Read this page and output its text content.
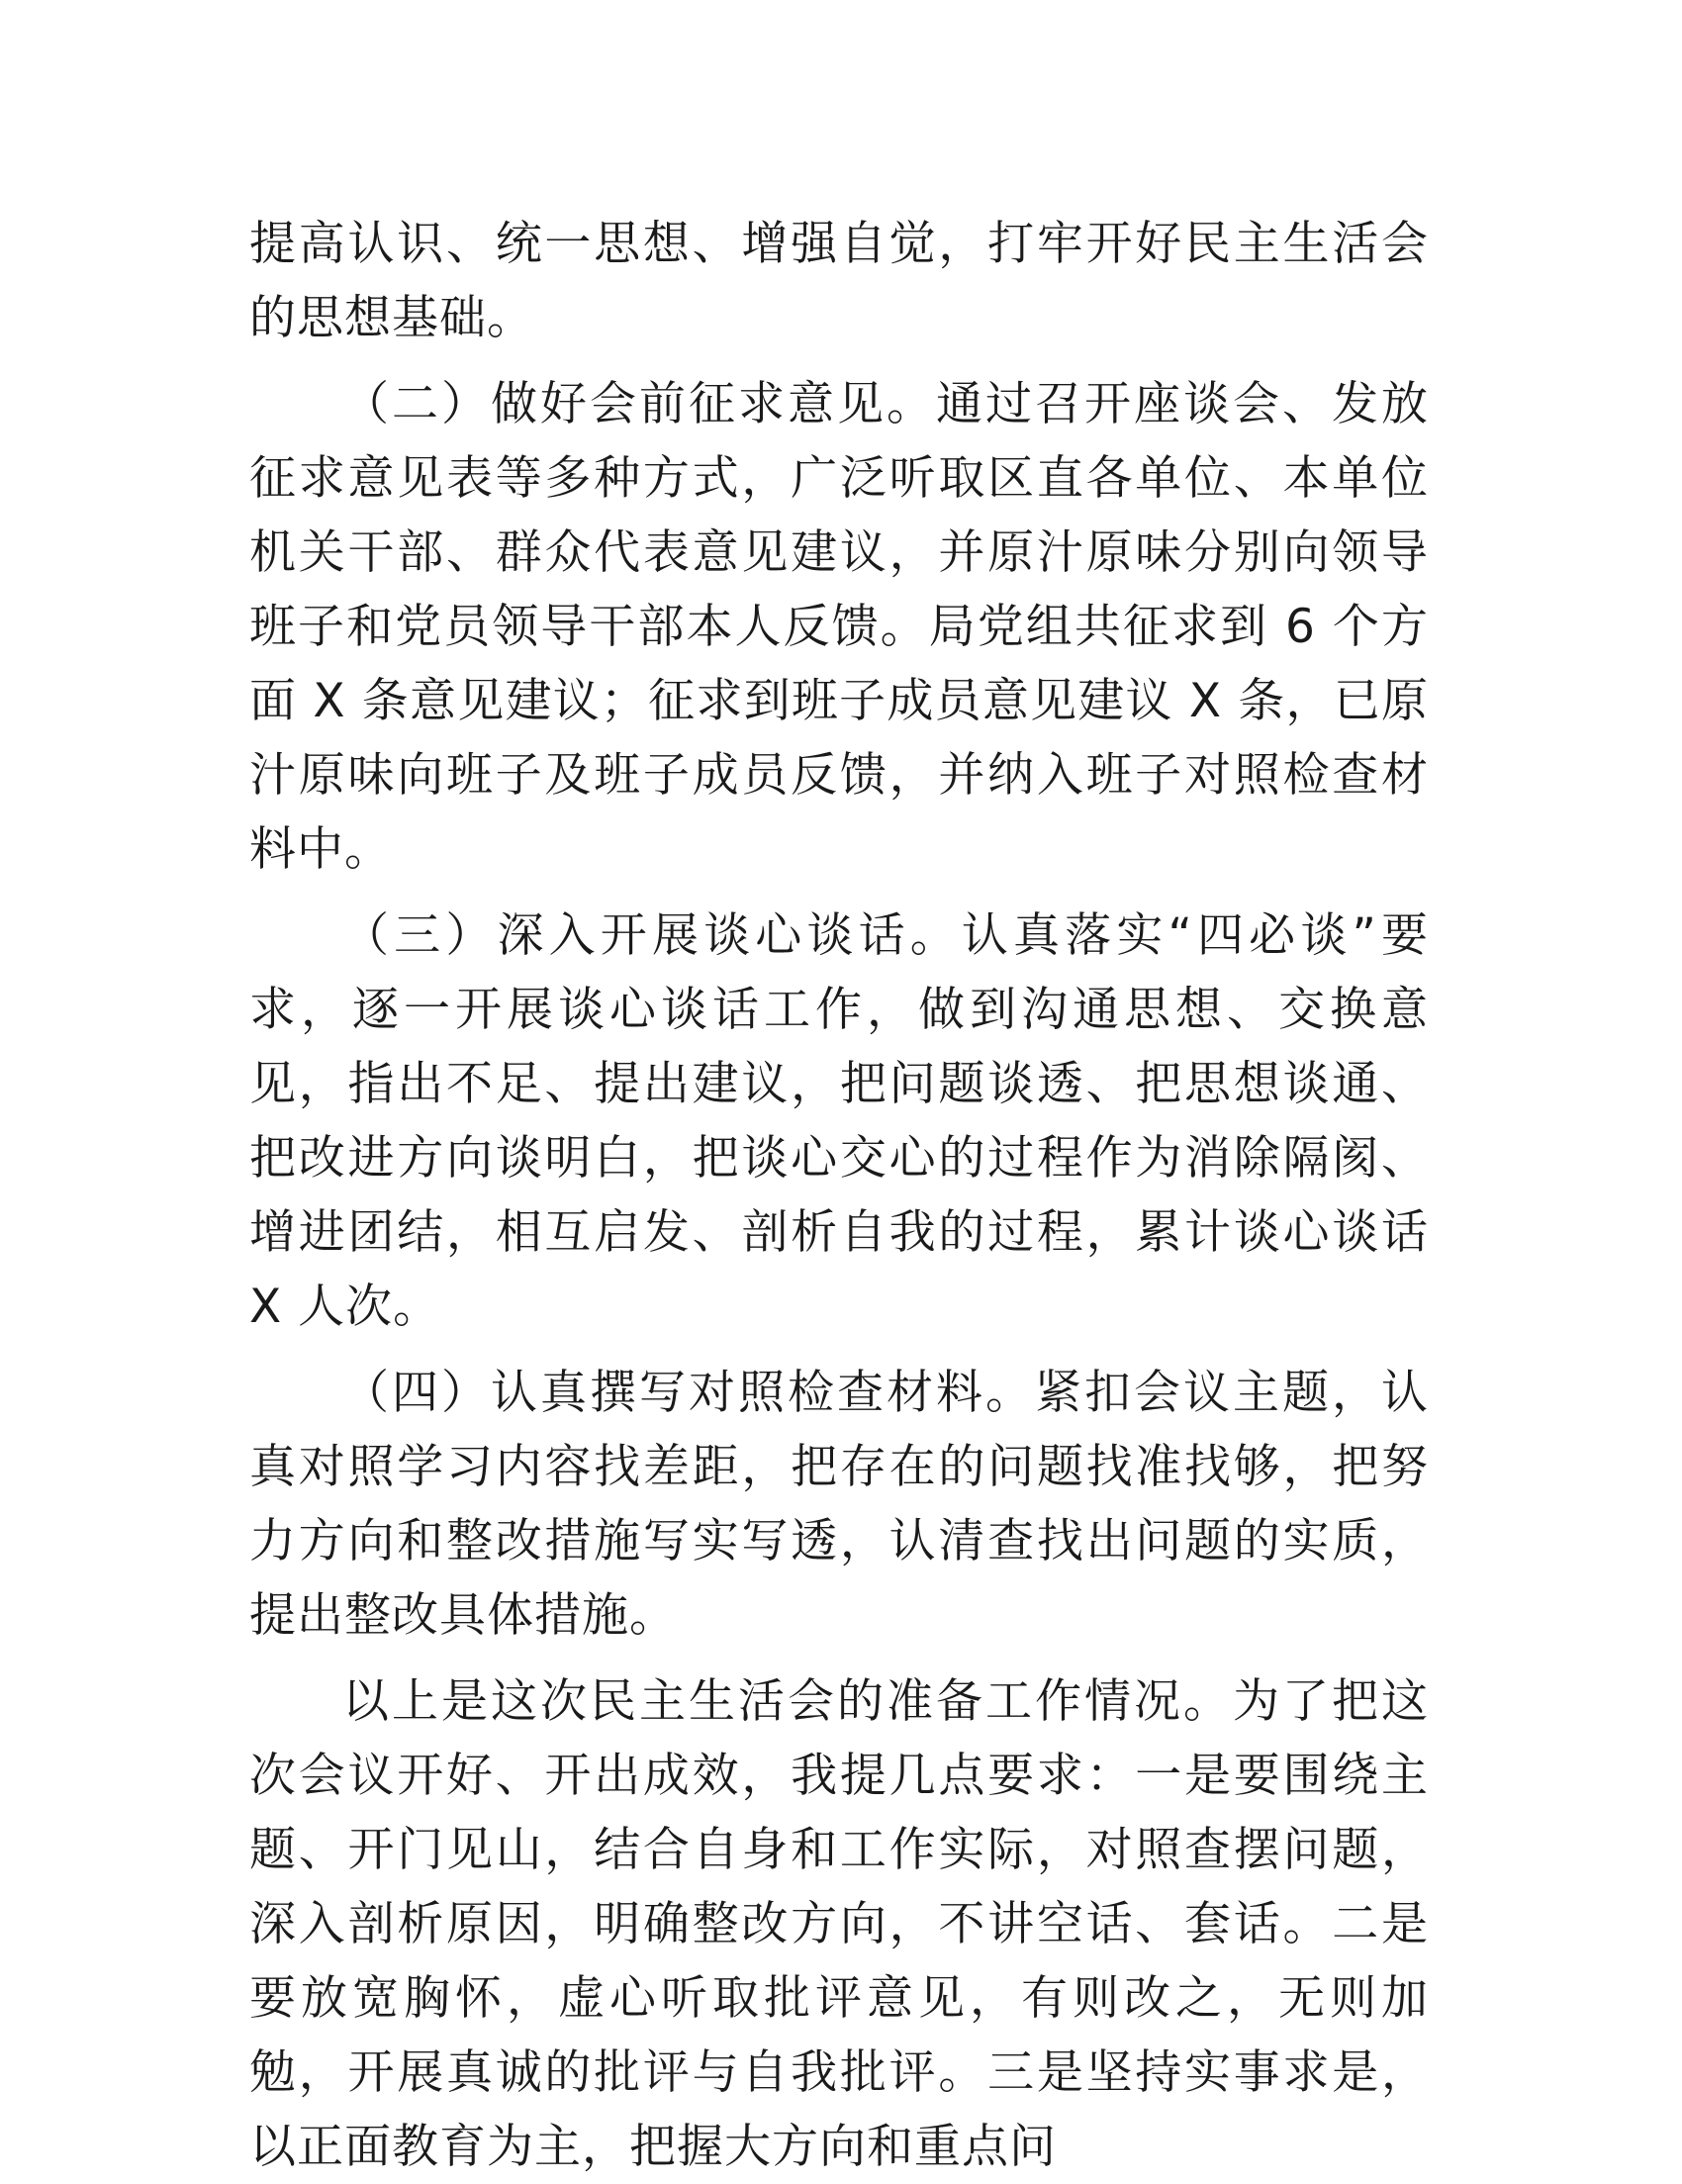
提高认识、统一思想、增强自觉，打牢开好民主生活会的思想基础。

（二）做好会前征求意见。通过召开座谈会、发放征求意见表等多种方式，广泛听取区直各单位、本单位机关干部、群众代表意见建议，并原汁原味分别向领导班子和党员领导干部本人反馈。局党组共征求到 6 个方面 X 条意见建议；征求到班子成员意见建议 X 条，已原汁原味向班子及班子成员反馈，并纳入班子对照检查材料中。

（三）深入开展谈心谈话。认真落实“四必谈”要求，逐一开展谈心谈话工作，做到沟通思想、交换意见，指出不足、提出建议，把问题谈透、把思想谈通、把改进方向谈明白，把谈心交心的过程作为消除隔阂、增进团结，相互启发、剖析自我的过程，累计谈心谈话 X 人次。

（四）认真撰写对照检查材料。紧扣会议主题，认真对照学习内容找差距，把存在的问题找准找够，把努力方向和整改措施写实写透，认清查找出问题的实质，提出整改具体措施。

以上是这次民主生活会的准备工作情况。为了把这次会议开好、开出成效，我提几点要求：一是要围绕主题、开门见山，结合自身和工作实际，对照查摆问题，深入剖析原因，明确整改方向，不讲空话、套话。二是要放宽胸怀，虚心听取批评意见，有则改之，无则加勉，开展真诚的批评与自我批评。三是坚持实事求是，以正面教育为主，把握大方向和重点问
